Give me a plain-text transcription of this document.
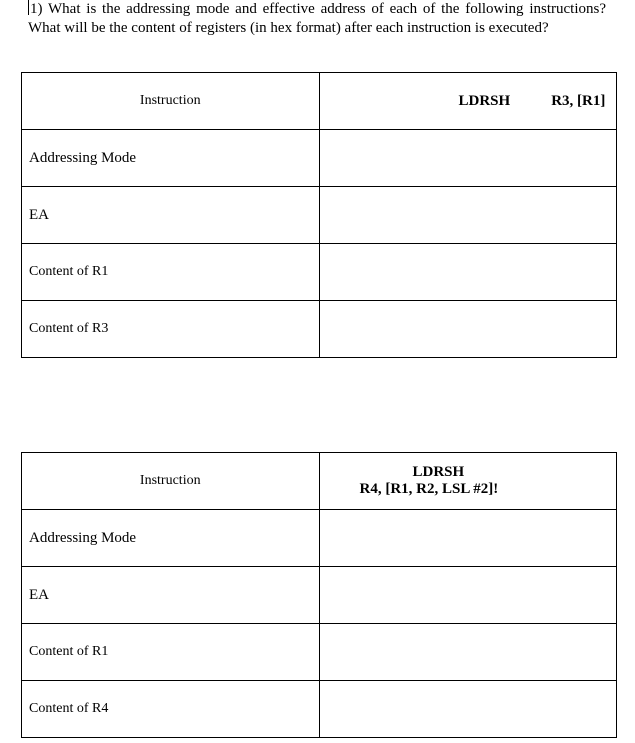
1) What is the addressing mode and effective address of each of the following instructions? What will be the content of registers (in hex format) after each instruction is executed?
Instruction	LDRSH R3, [R1]
Addressing Mode	
EA	
Content of R1	
Content of R3	
Instruction	LDRSHR4, [R1, R2, LSL #2]!
Addressing Mode	
EA	
Content of R1	
Content of R4	
